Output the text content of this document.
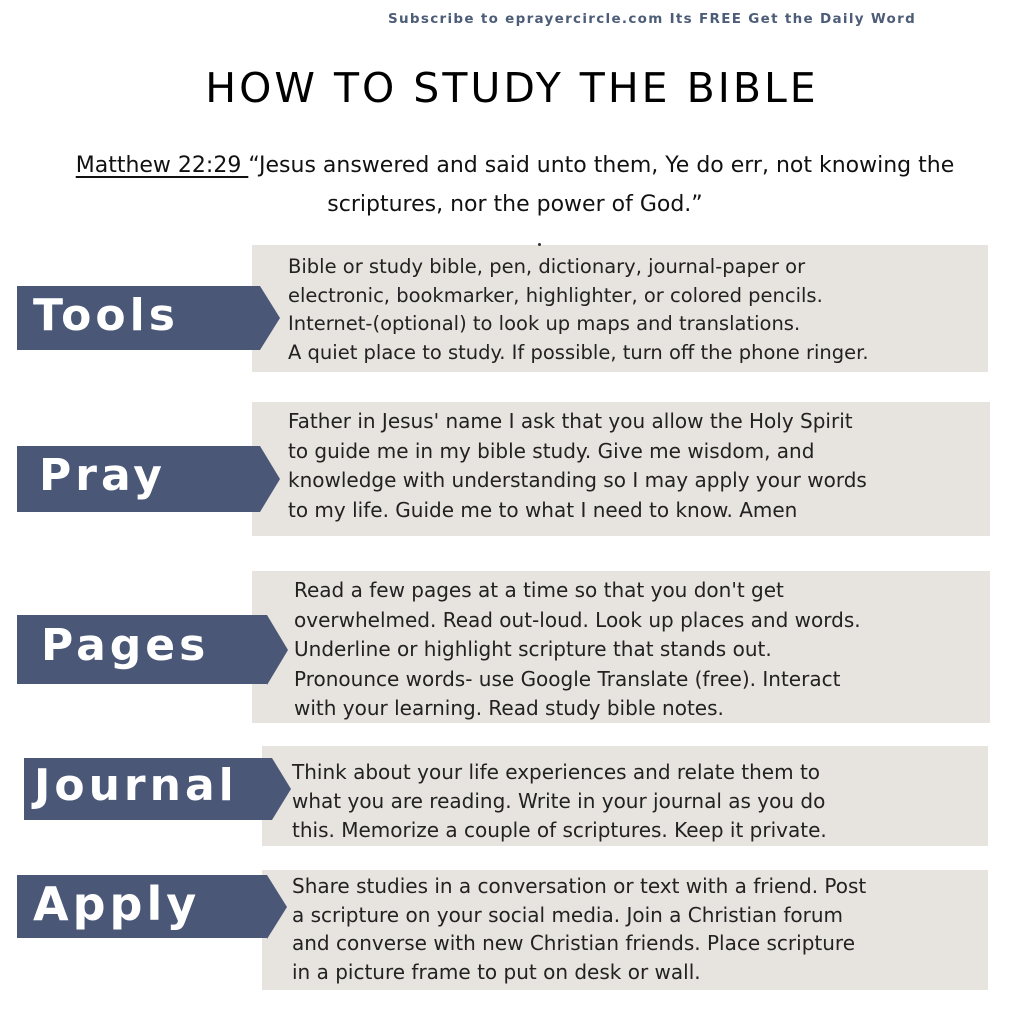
Subscribe to eprayercircle.com Its FREE Get the Daily Word
HOW TO STUDY THE BIBLE
Matthew 22:29 “Jesus answered and said unto them, Ye do err, not knowing the scriptures, nor the power of God.”
Bible or study bible, pen, dictionary, journal-paper or
electronic, bookmarker, highlighter, or colored pencils.
Internet-(optional) to look up maps and translations.
A quiet place to study. If possible, turn off the phone ringer.
Tools
Father in Jesus' name I ask that you allow the Holy Spirit
to guide me in my bible study. Give me wisdom, and
knowledge with understanding so I may apply your words
to my life. Guide me to what I need to know. Amen
Pray
Read a few pages at a time so that you don't get
overwhelmed. Read out-loud. Look up places and words.
Underline or highlight scripture that stands out.
Pronounce words- use Google Translate (free). Interact
with your learning. Read study bible notes.
Pages
Think about your life experiences and relate them to
what you are reading. Write in your journal as you do
this. Memorize a couple of scriptures. Keep it private.
Journal
Share studies in a conversation or text with a friend. Post
a scripture on your social media. Join a Christian forum
and converse with new Christian friends. Place scripture
in a picture frame to put on desk or wall.
Apply
